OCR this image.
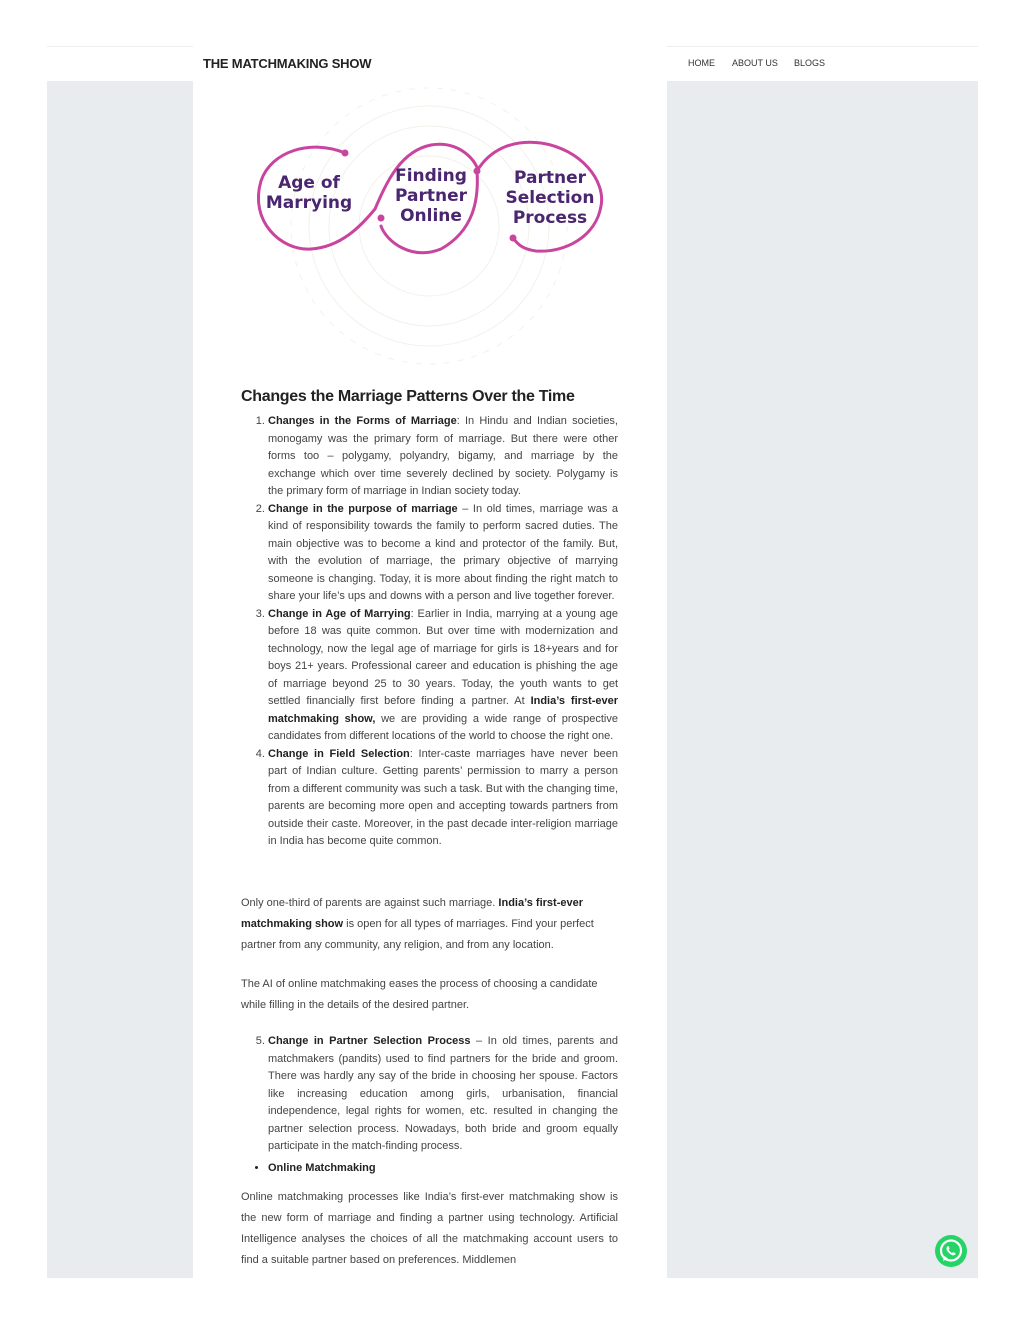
THE MATCHMAKING SHOW	HOME ABOUT US BLOGS
Age of
Marrying
Finding
Partner
Online
Partner
Selection
Process
Changes the Marriage Patterns Over the Time
1. Changes in the Forms of Marriage: In Hindu and Indian societies, monogamy was the primary form of marriage. But there were other forms too – polygamy, polyandry, bigamy, and marriage by the exchange which over time severely declined by society. Polygamy is the primary form of marriage in Indian society today.
2. Change in the purpose of marriage – In old times, marriage was a kind of responsibility towards the family to perform sacred duties. The main objective was to become a kind and protector of the family. But, with the evolution of marriage, the primary objective of marrying someone is changing. Today, it is more about finding the right match to share your life’s ups and downs with a person and live together forever.
3. Change in Age of Marrying: Earlier in India, marrying at a young age before 18 was quite common. But over time with modernization and technology, now the legal age of marriage for girls is 18+years and for boys 21+ years. Professional career and education is phishing the age of marriage beyond 25 to 30 years. Today, the youth wants to get settled financially first before finding a partner. At India’s first-ever matchmaking show, we are providing a wide range of prospective candidates from different locations of the world to choose the right one.
4. Change in Field Selection: Inter-caste marriages have never been part of Indian culture. Getting parents’ permission to marry a person from a different community was such a task. But with the changing time, parents are becoming more open and accepting towards partners from outside their caste. Moreover, in the past decade inter-religion marriage in India has become quite common.

Only one-third of parents are against such marriage. India’s first-ever matchmaking show is open for all types of marriages. Find your perfect partner from any community, any religion, and from any location.

The AI of online matchmaking eases the process of choosing a candidate while filling in the details of the desired partner.

5. Change in Partner Selection Process – In old times, parents and matchmakers (pandits) used to find partners for the bride and groom. There was hardly any say of the bride in choosing her spouse. Factors like increasing education among girls, urbanisation, financial independence, legal rights for women, etc. resulted in changing the partner selection process. Nowadays, both bride and groom equally participate in the match-finding process.
• Online Matchmaking

Online matchmaking processes like India’s first-ever matchmaking show is the new form of marriage and finding a partner using technology. Artificial Intelligence analyses the choices of all the matchmaking account users to find a suitable partner based on preferences. Middlemen
